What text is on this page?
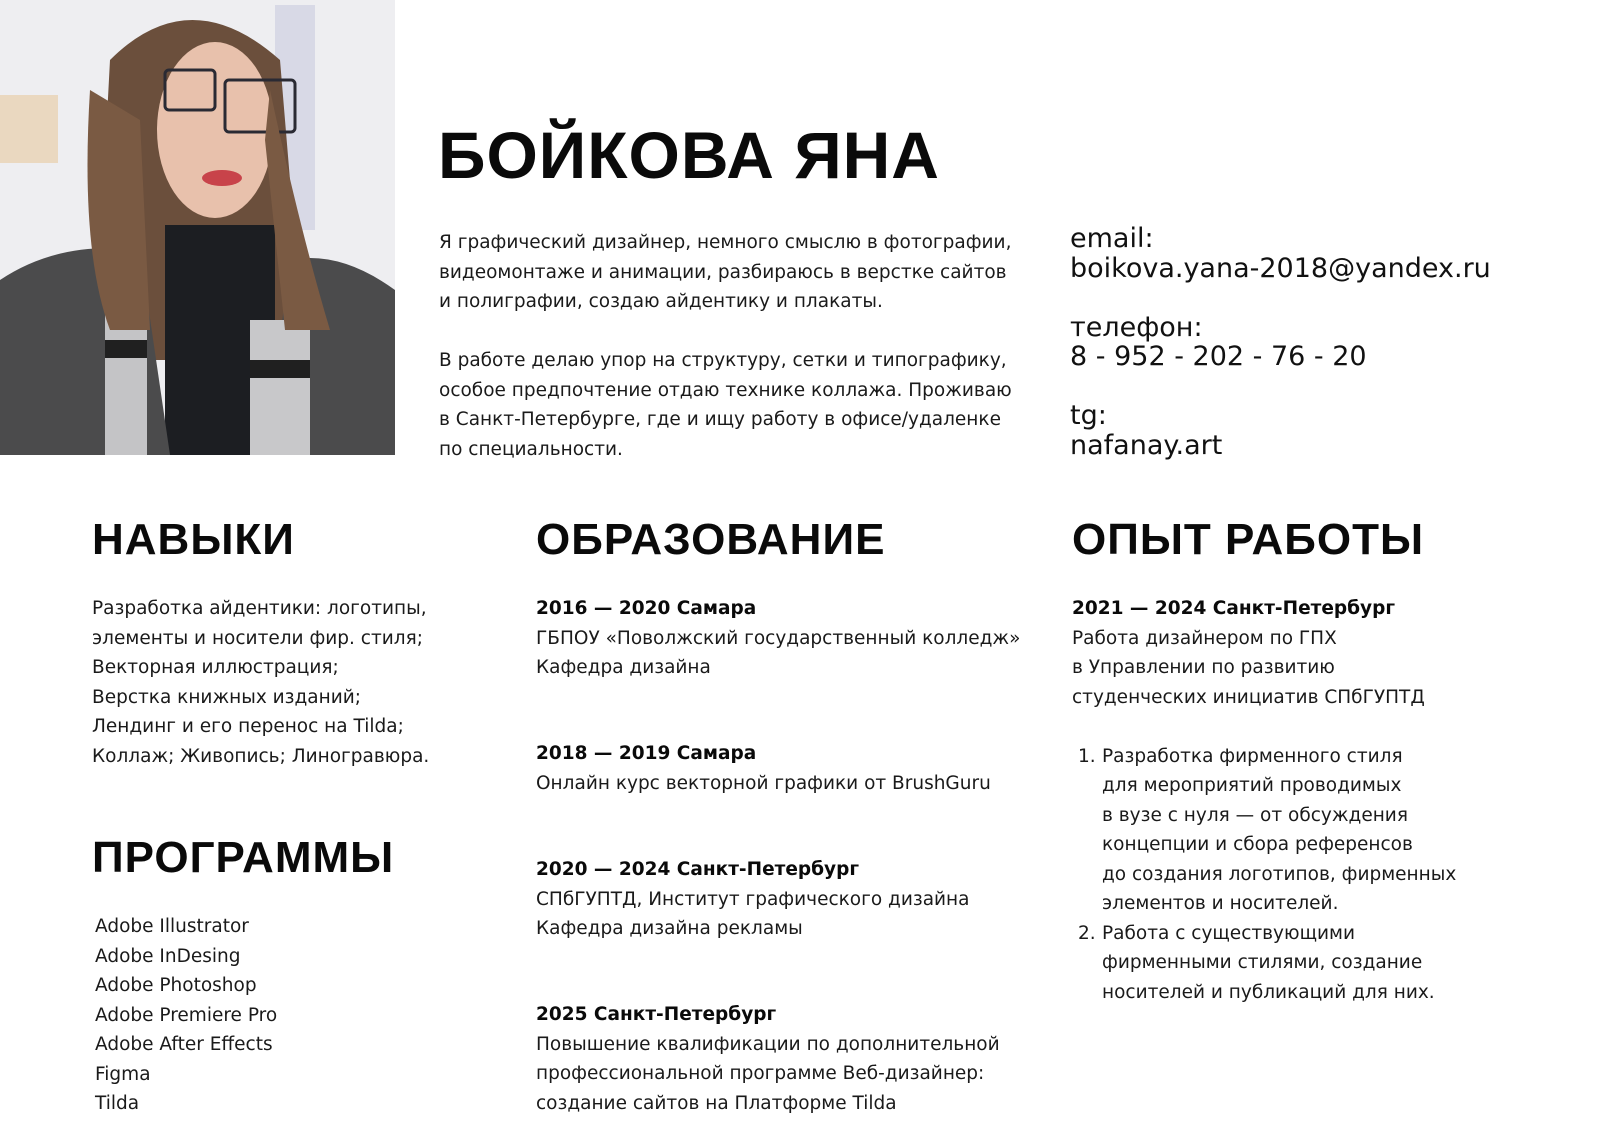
БОЙКОВА ЯНА

Я графический дизайнер, немного смыслю в фотографии,
видеомонтаже и анимации, разбираюсь в верстке сайтов
и полиграфии, создаю айдентику и плакаты.

В работе делаю упор на структуру, сетки и типографику,
особое предпочтение отдаю технике коллажа. Проживаю
в Санкт-Петербурге, где и ищу работу в офисе/удаленке
по специальности.

email:
boikova.yana-2018@yandex.ru
телефон:
8 - 952 - 202 - 76 - 20
tg:
nafanay.art
НАВЫКИ
Разработка айдентики: логотипы,
элементы и носители фир. стиля;
Векторная иллюстрация;
Верстка книжных изданий;
Лендинг и его перенос на Tilda;
Коллаж; Живопись; Линогравюра.
ПРОГРАММЫ
Adobe Illustrator
Adobe InDesing
Adobe Photoshop
Adobe Premiere Pro
Adobe After Effects
Figma
Tilda
ОБРАЗОВАНИЕ
2016 — 2020 Самара
ГБПОУ «Поволжский государственный колледж»
Кафедра дизайна
2018 — 2019 Самара
Онлайн курс векторной графики от BrushGuru
2020 — 2024 Санкт-Петербург
СПбГУПТД, Институт графического дизайна
Кафедра дизайна рекламы
2025 Санкт-Петербург
Повышение квалификации по дополнительной
профессиональной программе Веб-дизайнер:
создание сайтов на Платформе Tilda
ОПЫТ РАБОТЫ
2021 — 2024 Санкт-Петербург
Работа дизайнером по ГПХ
в Управлении по развитию
студенческих инициатив СПбГУПТД
1. Разработка фирменного стиля
для мероприятий проводимых
в вузе с нуля — от обсуждения
концепции и сбора референсов
до создания логотипов, фирменных
элементов и носителей.
2. Работа с существующими
фирменными стилями, создание
носителей и публикаций для них.
